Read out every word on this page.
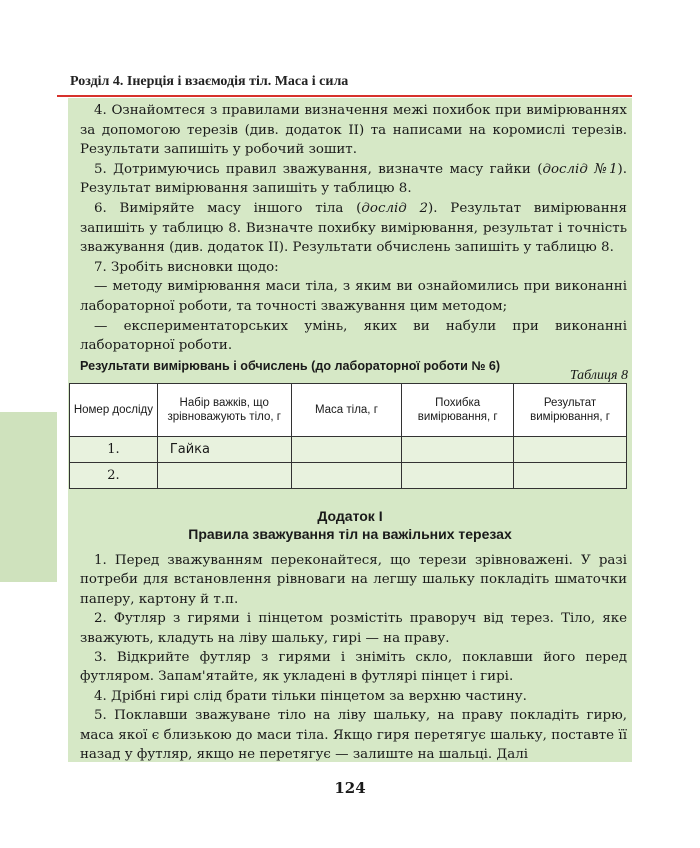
Розділ 4. Інерція і взаємодія тіл. Маса і сила

4. Ознайомтеся з правилами визначення межі похибок при вимірюваннях за допомогою терезів (див. додаток II) та написами на коромислі терезів. Результати запишіть у робочий зошит.

5. Дотримуючись правил зважування, визначте масу гайки (дослід №1). Результат вимірювання запишіть у таблицю 8.

6. Виміряйте масу іншого тіла (дослід 2). Результат вимірювання запишіть у таблицю 8. Визначте похибку вимірювання, результат і точність зважування (див. додаток II). Результати обчислень запишіть у таблицю 8.

7. Зробіть висновки щодо:

— методу вимірювання маси тіла, з яким ви ознайомились при виконанні лабораторної роботи, та точності зважування цим методом;

— експериментаторських умінь, яких ви набули при виконанні лабораторної роботи.

Результати вимірювань і обчислень (до лабораторної роботи № 6)
Таблиця 8
Номер досліду	Набір важків, що зрівноважують тіло, г	Маса тіла, г	Похибка вимірювання, г	Результат вимірювання, г
1.	Гайка			
2.				
Додаток І
Правила зважування тіл на важільних терезах

1. Перед зважуванням переконайтеся, що терези зрівноважені. У разі потреби для встановлення рівноваги на легшу шальку покладіть шматочки паперу, картону й т.п.

2. Футляр з гирями і пінцетом розмістіть праворуч від терез. Тіло, яке зважують, кладуть на ліву шальку, гирі — на праву.

3. Відкрийте футляр з гирями і зніміть скло, поклавши його перед футляром. Запам'ятайте, як укладені в футлярі пінцет і гирі.

4. Дрібні гирі слід брати тільки пінцетом за верхню частину.

5. Поклавши зважуване тіло на ліву шальку, на праву покладіть гирю, маса якої є близькою до маси тіла. Якщо гиря перетягує шальку, поставте її назад у футляр, якщо не перетягує — залиште на шальці. Далі

124
